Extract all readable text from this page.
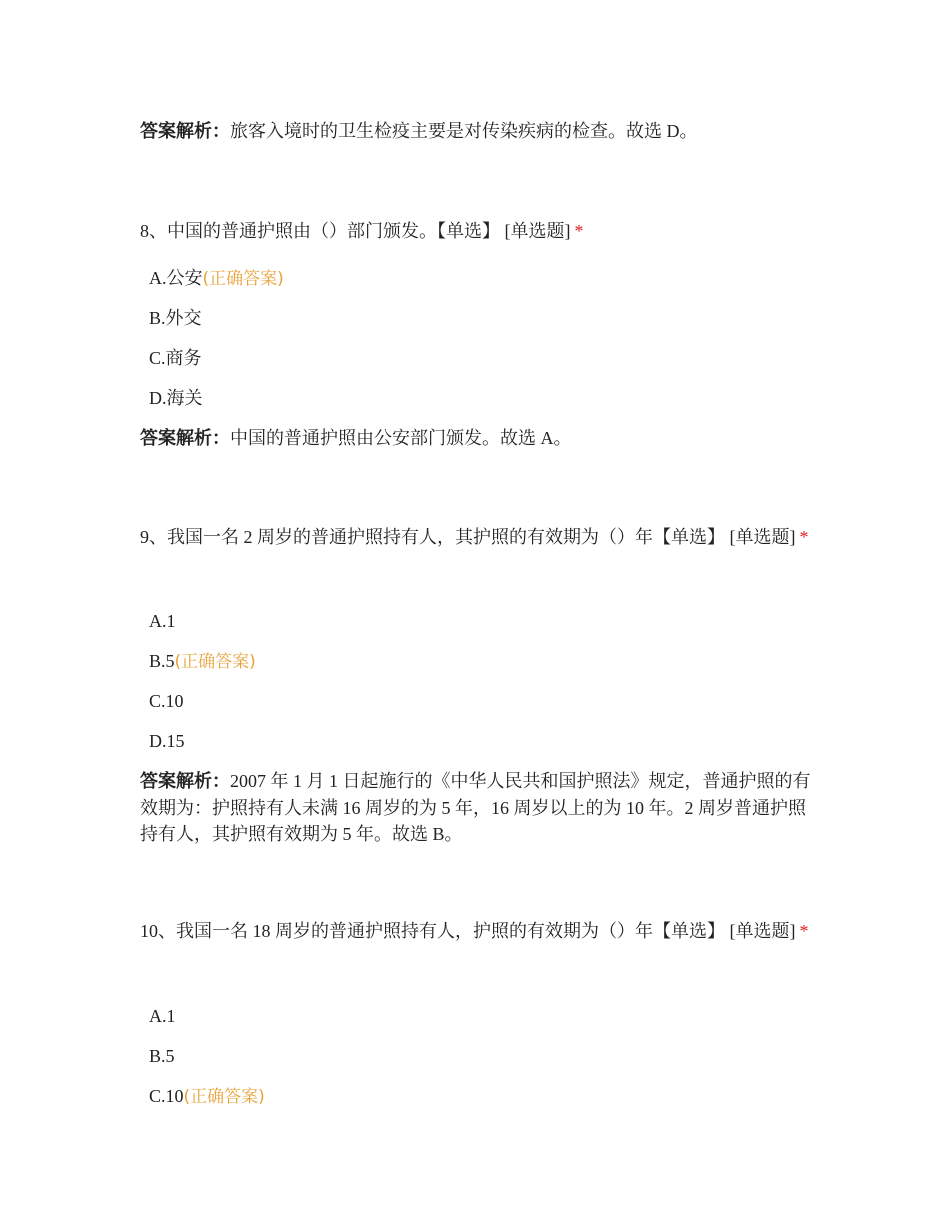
答案解析：旅客入境时的卫生检疫主要是对传染疾病的检查。故选 D。
8、中国的普通护照由（）部门颁发。【单选】 [单选题] *
A.公安(正确答案)
B.外交
C.商务
D.海关
答案解析：中国的普通护照由公安部门颁发。故选 A。
9、我国一名 2 周岁的普通护照持有人，其护照的有效期为（）年【单选】 [单选题] *
A.1
B.5(正确答案)
C.10
D.15
答案解析：2007 年 1 月 1 日起施行的《中华人民共和国护照法》规定，普通护照的有效期为：护照持有人未满 16 周岁的为 5 年，16 周岁以上的为 10 年。2 周岁普通护照持有人，其护照有效期为 5 年。故选 B。
10、我国一名 18 周岁的普通护照持有人，护照的有效期为（）年【单选】 [单选题] *
A.1
B.5
C.10(正确答案)
